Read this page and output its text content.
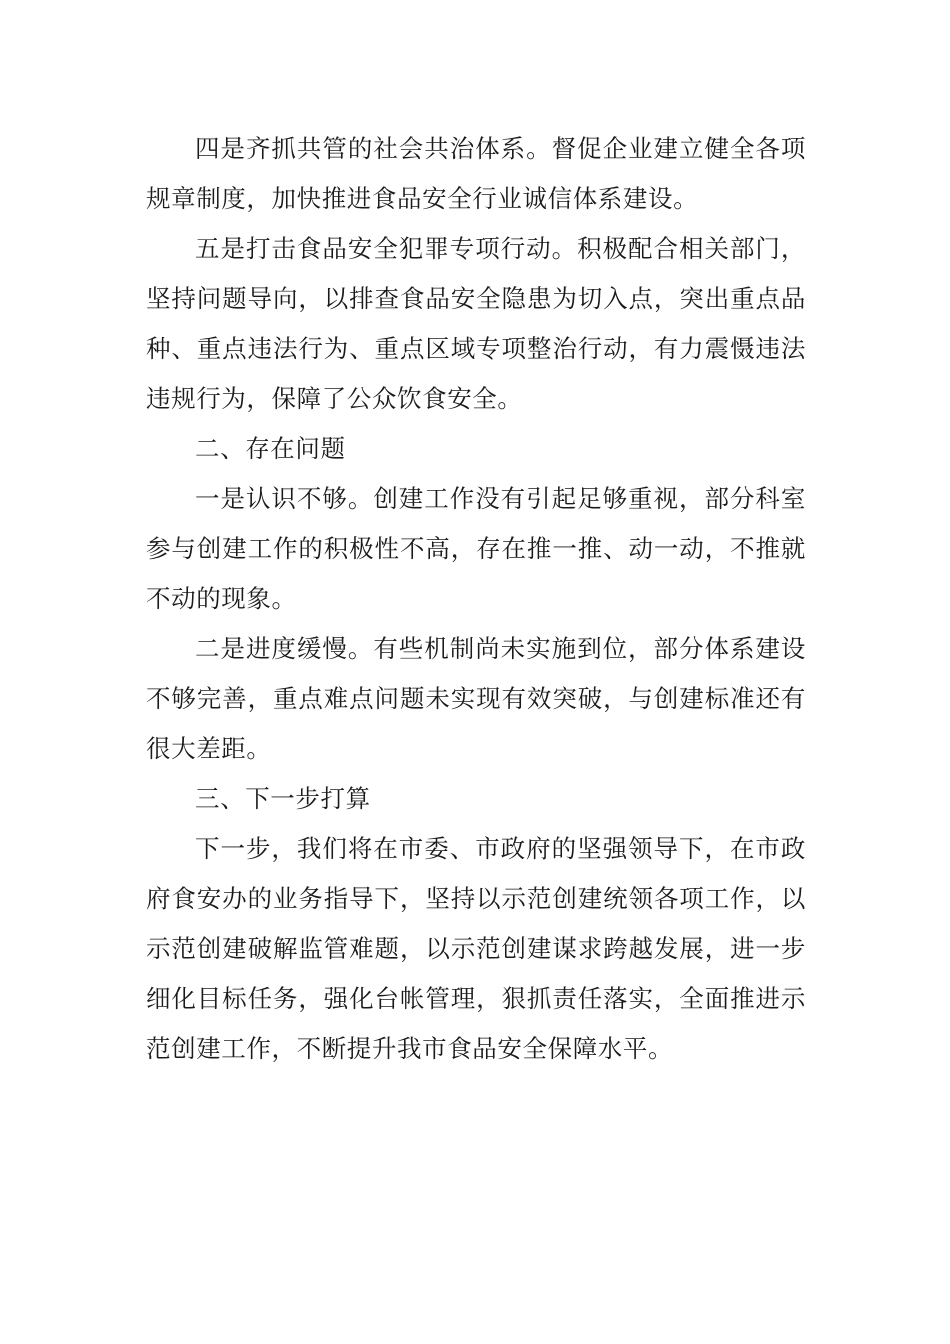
四是齐抓共管的社会共治体系。督促企业建立健全各项规章制度，加快推进食品安全行业诚信体系建设。

五是打击食品安全犯罪专项行动。积极配合相关部门，坚持问题导向，以排查食品安全隐患为切入点，突出重点品种、重点违法行为、重点区域专项整治行动，有力震慑违法违规行为，保障了公众饮食安全。

二、存在问题

一是认识不够。创建工作没有引起足够重视，部分科室参与创建工作的积极性不高，存在推一推、动一动，不推就不动的现象。

二是进度缓慢。有些机制尚未实施到位，部分体系建设不够完善，重点难点问题未实现有效突破，与创建标准还有很大差距。

三、下一步打算

下一步，我们将在市委、市政府的坚强领导下，在市政府食安办的业务指导下，坚持以示范创建统领各项工作，以示范创建破解监管难题，以示范创建谋求跨越发展，进一步细化目标任务，强化台帐管理，狠抓责任落实，全面推进示范创建工作，不断提升我市食品安全保障水平。
